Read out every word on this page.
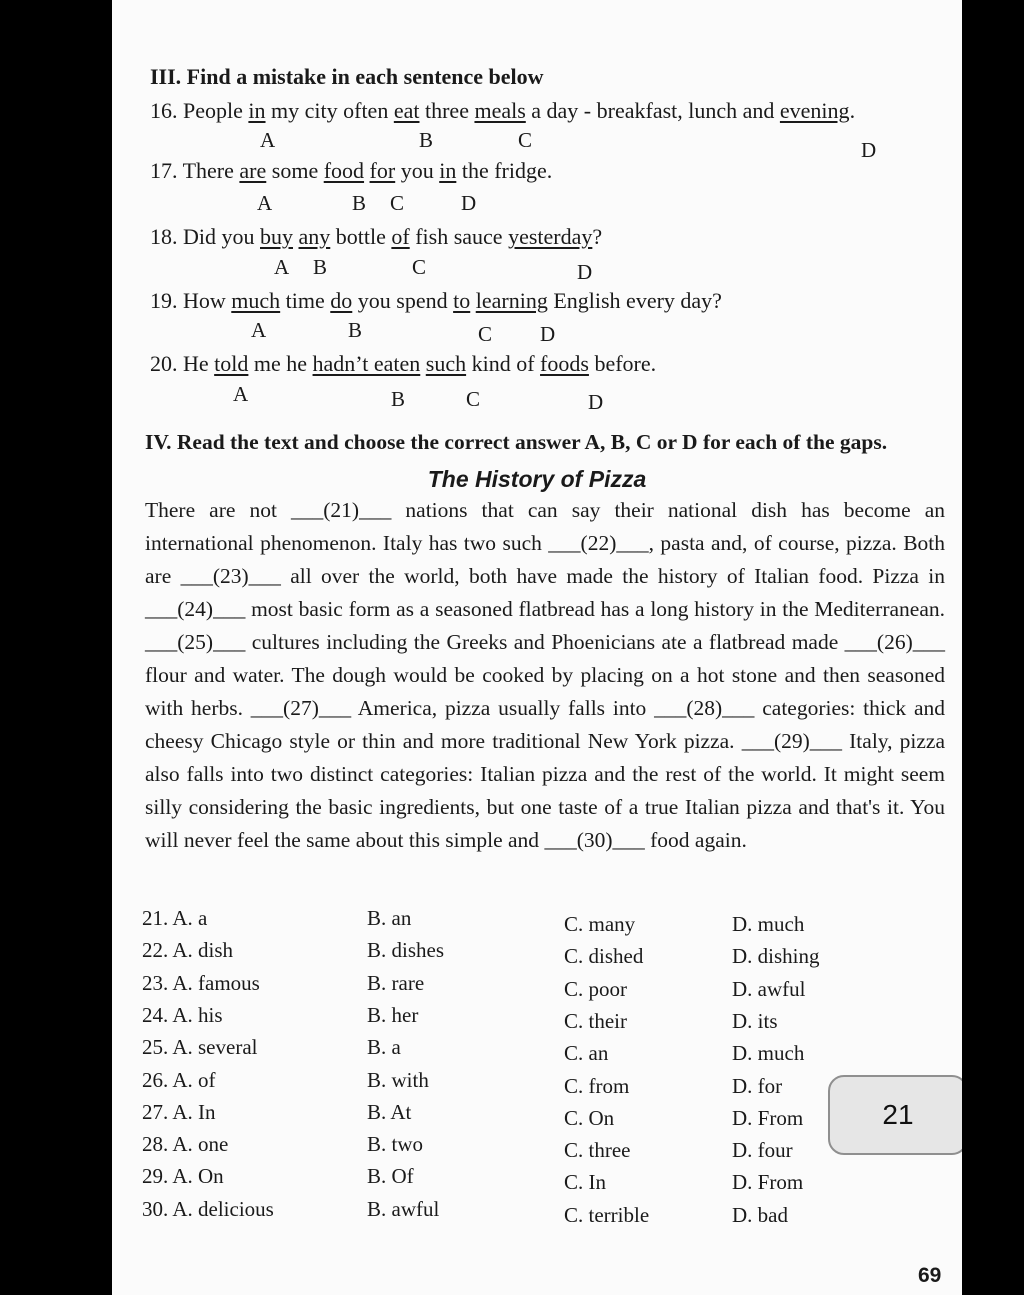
III. Find a mistake in each sentence below
16. People in my city often eat three meals a day - breakfast, lunch and evening.
A	B	C	D
17. There are some food for you in the fridge.
A	B C	D
18. Did you buy any bottle of fish sauce yesterday?
A B	C	D
19. How much time do you spend to learning English every day?
A	B	C D
20. He told me he hadn’t eaten such kind of foods before.
A	B	C	D
IV. Read the text and choose the correct answer A, B, C or D for each of the gaps.
The History of Pizza
There are not ___(21)___ nations that can say their national dish has become an international phenomenon. Italy has two such ___(22)___, pasta and, of course, pizza. Both are ___(23)___ all over the world, both have made the history of Italian food. Pizza in ___(24)___ most basic form as a seasoned flatbread has a long history in the Mediterranean. ___(25)___ cultures including the Greeks and Phoenicians ate a flatbread made ___(26)___ flour and water. The dough would be cooked by placing on a hot stone and then seasoned with herbs. ___(27)___ America, pizza usually falls into ___(28)___ categories: thick and cheesy Chicago style or thin and more traditional New York pizza. ___(29)___ Italy, pizza also falls into two distinct categories: Italian pizza and the rest of the world. It might seem silly considering the basic ingredients, but one taste of a true Italian pizza and that's it. You will never feel the same about this simple and ___(30)___ food again.
21. A. a	B. an	C. many	D. much
22. A. dish	B. dishes	C. dished	D. dishing
23. A. famous	B. rare	C. poor	D. awful
24. A. his	B. her	C. their	D. its
25. A. several	B. a	C. an	D. much
26. A. of	B. with	C. from	D. for
27. A. In	B. At	C. On	D. From
28. A. one	B. two	C. three	D. four
29. A. On	B. Of	C. In	D. From
30. A. delicious	B. awful	C. terrible	D. bad
21
69
